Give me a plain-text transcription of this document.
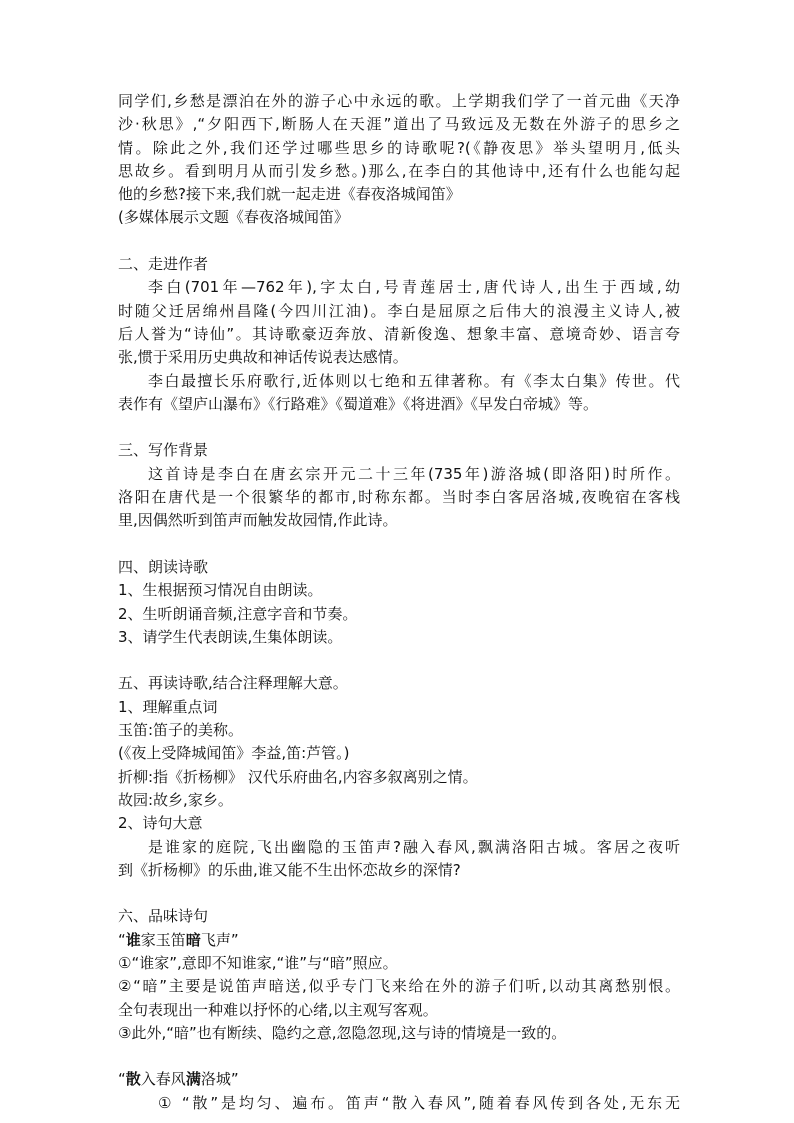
同学们,乡愁是漂泊在外的游子心中永远的歌。上学期我们学了一首元曲《天净
沙·秋思》,“夕阳西下,断肠人在天涯”道出了马致远及无数在外游子的思乡之
情。除此之外,我们还学过哪些思乡的诗歌呢?(《静夜思》举头望明月,低头
思故乡。看到明月从而引发乡愁。)那么,在李白的其他诗中,还有什么也能勾起
他的乡愁?接下来,我们就一起走进《春夜洛城闻笛》
(多媒体展示文题《春夜洛城闻笛》
二、走进作者
李白(701年—762年),字太白,号青莲居士,唐代诗人,出生于西域,幼
时随父迁居绵州昌隆(今四川江油)。李白是屈原之后伟大的浪漫主义诗人,被
后人誉为“诗仙”。其诗歌豪迈奔放、清新俊逸、想象丰富、意境奇妙、语言夸
张,惯于采用历史典故和神话传说表达感情。
李白最擅长乐府歌行,近体则以七绝和五律著称。有《李太白集》传世。代
表作有《望庐山瀑布》《行路难》《蜀道难》《将进酒》《早发白帝城》等。
三、写作背景
这首诗是李白在唐玄宗开元二十三年(735年)游洛城(即洛阳)时所作。
洛阳在唐代是一个很繁华的都市,时称东都。当时李白客居洛城,夜晚宿在客栈
里,因偶然听到笛声而触发故园情,作此诗。
四、朗读诗歌
1、生根据预习情况自由朗读。
2、生听朗诵音频,注意字音和节奏。
3、请学生代表朗读,生集体朗读。
五、再读诗歌,结合注释理解大意。
1、理解重点词
玉笛:笛子的美称。
(《夜上受降城闻笛》李益,笛:芦管。)
折柳:指《折杨柳》 汉代乐府曲名,内容多叙离别之情。
故园:故乡,家乡。
2、诗句大意
是谁家的庭院,飞出幽隐的玉笛声?融入春风,飘满洛阳古城。客居之夜听
到《折杨柳》的乐曲,谁又能不生出怀恋故乡的深情?
六、品味诗句
“谁家玉笛暗飞声”
①“谁家”,意即不知谁家,“谁”与“暗”照应。
②“暗”主要是说笛声暗送,似乎专门飞来给在外的游子们听,以动其离愁别恨。
全句表现出一种难以抒怀的心绪,以主观写客观。
③此外,“暗”也有断续、隐约之意,忽隐忽现,这与诗的情境是一致的。
“散入春风满洛城”
① “散”是均匀、遍布。笛声“散入春风”,随着春风传到各处,无东无
